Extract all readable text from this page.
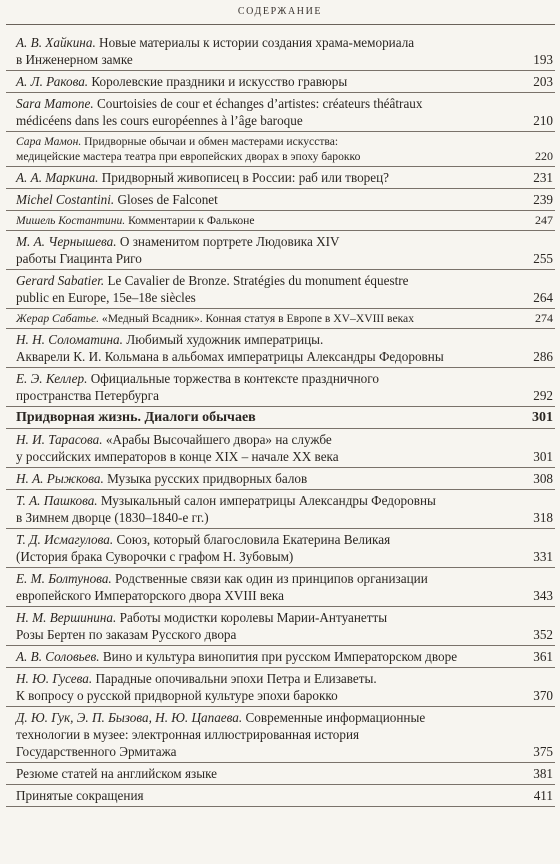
СОДЕРЖАНИЕ
А. В. Хайкина. Новые материалы к истории создания храма-мемориала
в Инженерном замке	193
А. Л. Ракова. Королевские праздники и искусство гравюры	203
Sara Mamone. Courtoisies de cour et échanges d’artistes: créateurs théâtraux
médicéens dans les cours européennes à l’âge baroque	210
Сара Мамон. Придворные обычаи и обмен мастерами искусства:
медицейские мастера театра при европейских дворах в эпоху барокко	220
А. А. Маркина. Придворный живописец в России: раб или творец?	231
Michel Costantini. Gloses de Falconet	239
Мишель Костантини. Комментарии к Фальконе	247
М. А. Чернышева. О знаменитом портрете Людовика XIV
работы Гиацинта Риго	255
Gerard Sabatier. Le Cavalier de Bronze. Stratégies du monument équestre
public en Europe, 15e–18e siècles	264
Жерар Сабатье. «Медный Всадник». Конная статуя в Европе в XV–XVIII веках	274
Н. Н. Соломатина. Любимый художник императрицы.
Акварели К. И. Кольмана в альбомах императрицы Александры Федоровны	286
Е. Э. Келлер. Официальные торжества в контексте праздничного
пространства Петербурга	292
Придворная жизнь. Диалоги обычаев	301
Н. И. Тарасова. «Арабы Высочайшего двора» на службе
у российских императоров в конце XIX – начале XX века	301
Н. А. Рыжкова. Музыка русских придворных балов	308
Т. А. Пашкова. Музыкальный салон императрицы Александры Федоровны
в Зимнем дворце (1830–1840-е гг.)	318
Т. Д. Исмагулова. Союз, который благословила Екатерина Великая
(История брака Суворочки с графом Н. Зубовым)	331
Е. М. Болтунова. Родственные связи как один из принципов организации
европейского Императорского двора XVIII века	343
Н. М. Вершинина. Работы модистки королевы Марии-Антуанетты
Розы Бертен по заказам Русского двора	352
А. В. Соловьев. Вино и культура винопития при русском Императорском дворе	361
Н. Ю. Гусева. Парадные опочивальни эпохи Петра и Елизаветы.
К вопросу о русской придворной культуре эпохи барокко	370
Д. Ю. Гук, Э. П. Бызова, Н. Ю. Цапаева. Современные информационные
технологии в музее: электронная иллюстрированная история
Государственного Эрмитажа	375
Резюме статей на английском языке	381
Принятые сокращения	411
